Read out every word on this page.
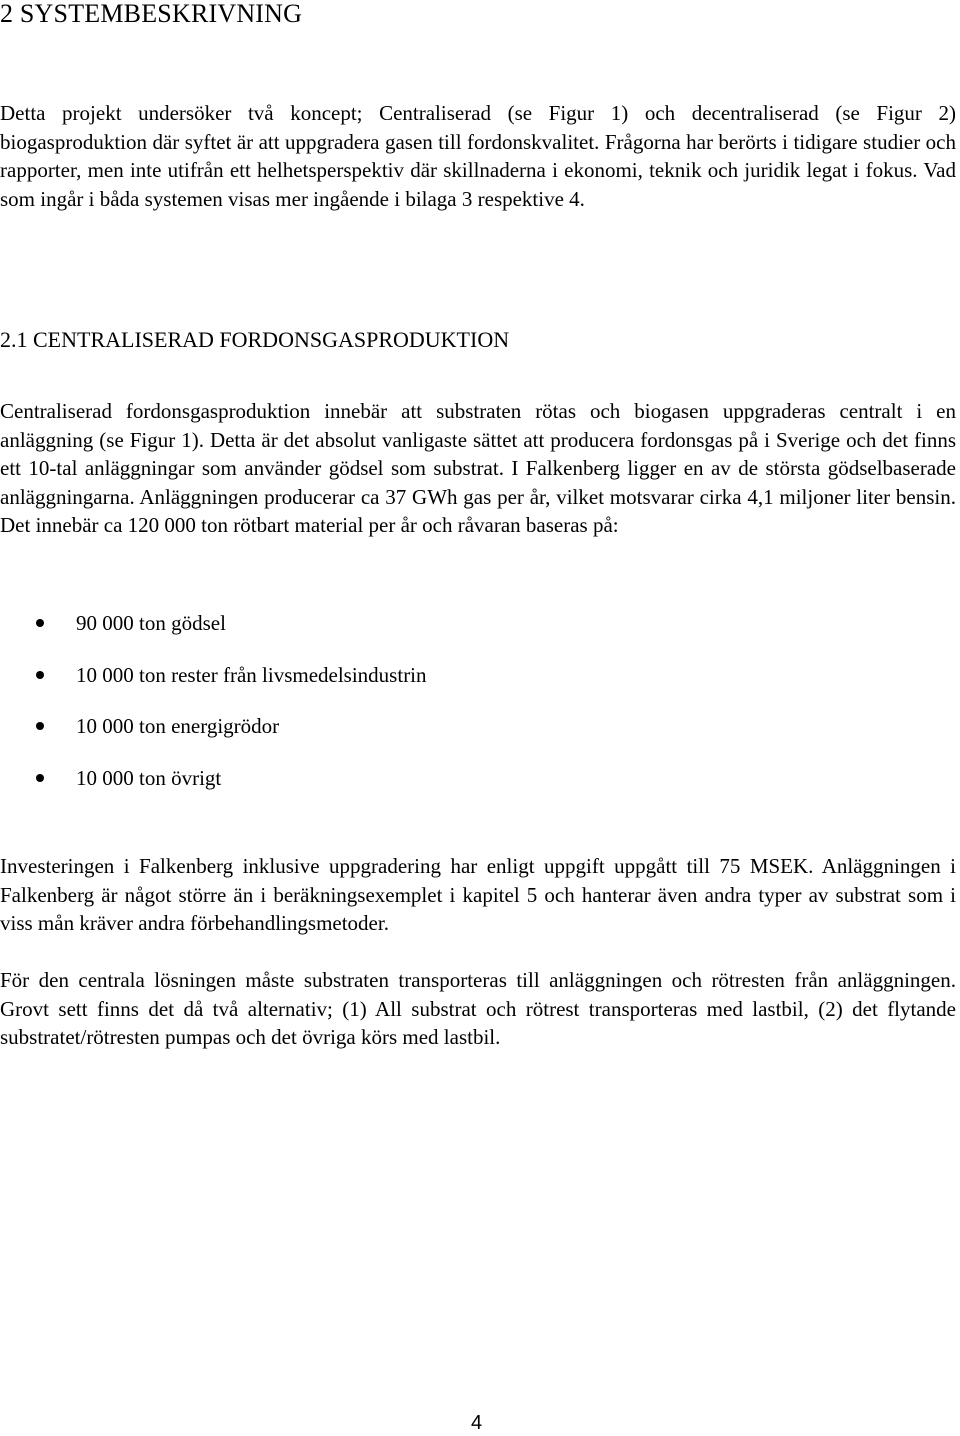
2 SYSTEMBESKRIVNING

Detta projekt undersöker två koncept; Centraliserad (se Figur 1) och decentraliserad (se Figur 2) biogasproduktion där syftet är att uppgradera gasen till fordonskvalitet. Frågorna har berörts i tidigare studier och rapporter, men inte utifrån ett helhetsperspektiv där skillnaderna i ekonomi, teknik och juridik legat i fokus. Vad som ingår i båda systemen visas mer ingående i bilaga 3 respektive 4.

2.1 CENTRALISERAD FORDONSGASPRODUKTION

Centraliserad fordonsgasproduktion innebär att substraten rötas och biogasen uppgraderas centralt i en anläggning (se Figur 1). Detta är det absolut vanligaste sättet att producera fordonsgas på i Sverige och det finns ett 10-tal anläggningar som använder gödsel som substrat. I Falkenberg ligger en av de största gödselbaserade anläggningarna. Anläggningen producerar ca 37 GWh gas per år, vilket motsvarar cirka 4,1 miljoner liter bensin. Det innebär ca 120 000 ton rötbart material per år och råvaran baseras på:

90 000 ton gödsel
10 000 ton rester från livsmedelsindustrin
10 000 ton energigrödor
10 000 ton övrigt

Investeringen i Falkenberg inklusive uppgradering har enligt uppgift uppgått till 75 MSEK. Anläggningen i Falkenberg är något större än i beräkningsexemplet i kapitel 5 och hanterar även andra typer av substrat som i viss mån kräver andra förbehandlingsmetoder.

För den centrala lösningen måste substraten transporteras till anläggningen och rötresten från anläggningen. Grovt sett finns det då två alternativ; (1) All substrat och rötrest transporteras med lastbil, (2) det flytande substratet/rötresten pumpas och det övriga körs med lastbil.

4
